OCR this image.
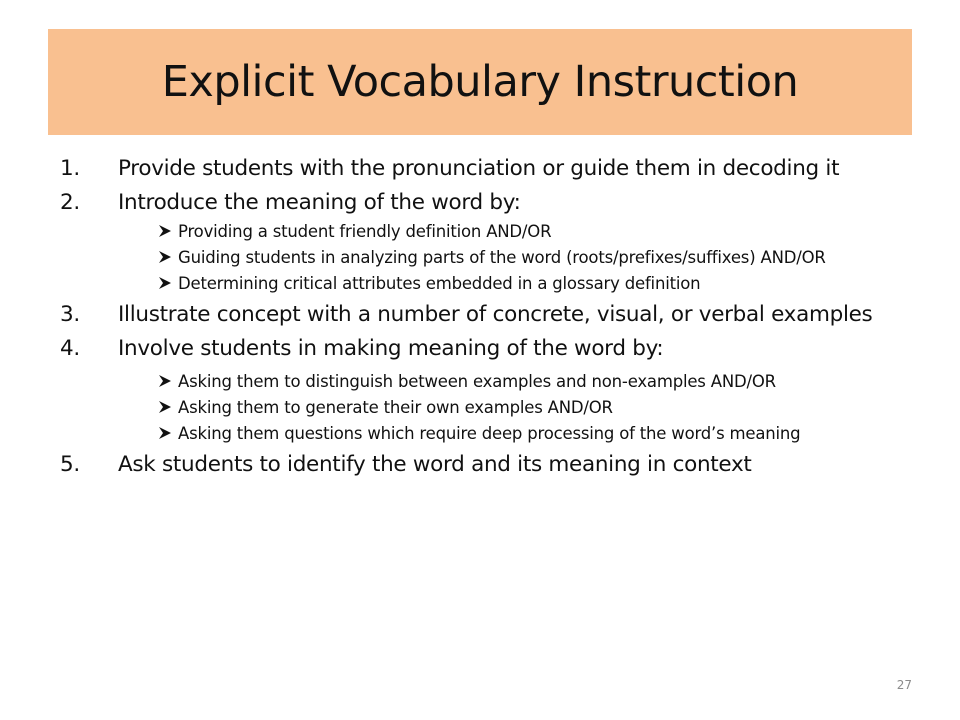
Explicit Vocabulary Instruction
1. Provide students with the pronunciation or guide them in decoding it
2. Introduce the meaning of the word by:
Providing a student friendly definition AND/OR
Guiding students in analyzing parts of the word (roots/prefixes/suffixes) AND/OR
Determining critical attributes embedded in a glossary definition
3. Illustrate concept with a number of concrete, visual, or verbal examples
4. Involve students in making meaning of the word by:
Asking them to distinguish between examples and non-examples AND/OR
Asking them to generate their own examples AND/OR
Asking them questions which require deep processing of the word’s meaning
5. Ask students to identify the word and its meaning in context
27
